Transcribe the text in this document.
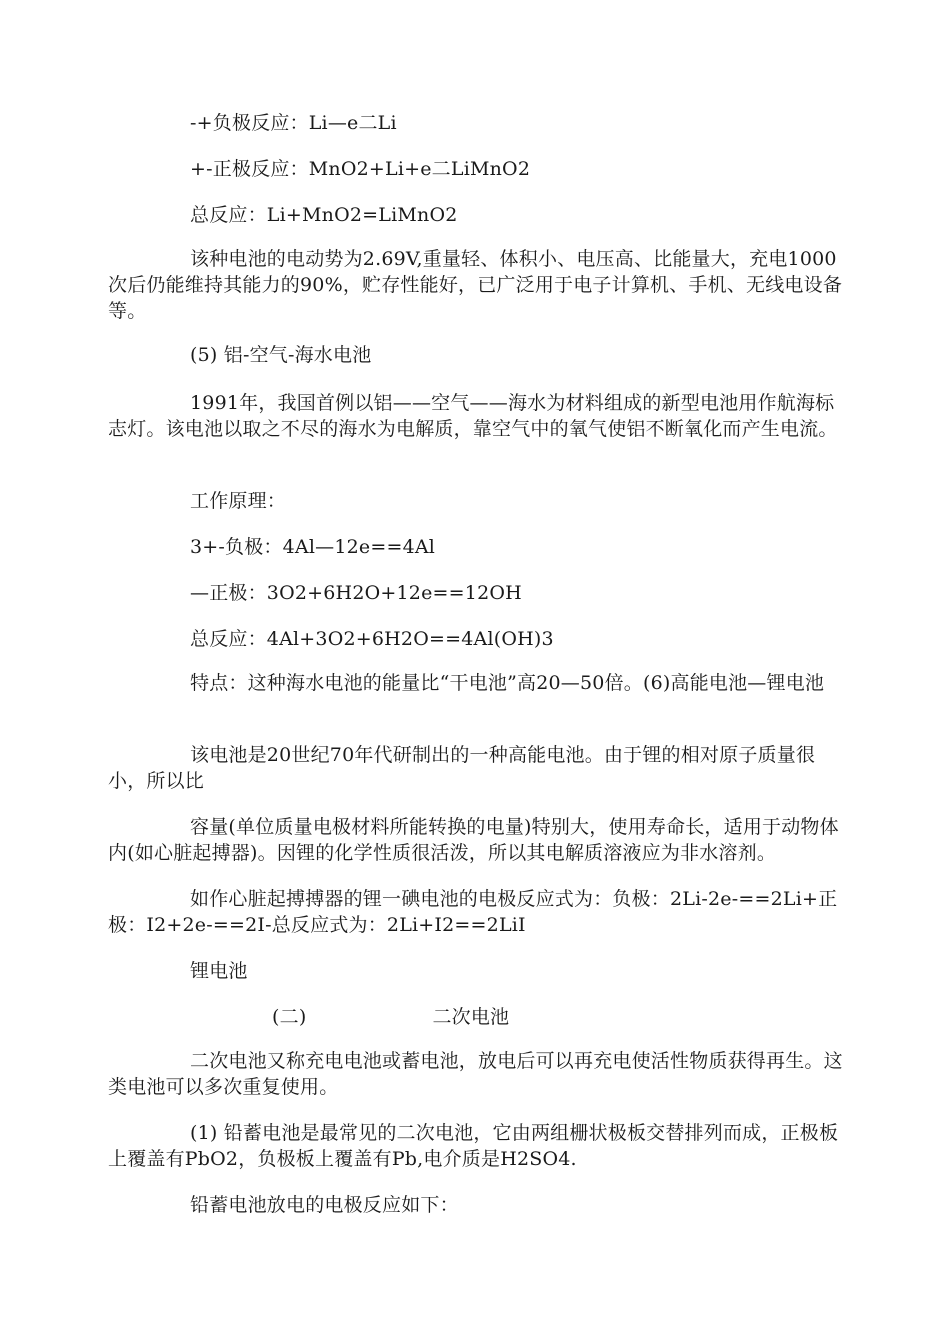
-+负极反应：Li—e二Li

+-正极反应：MnO2+Li+e二LiMnO2

总反应：Li+MnO2=LiMnO2

该种电池的电动势为2.69V,重量轻、体积小、电压高、比能量大，充电1000次后仍能维持其能力的90%，贮存性能好，已广泛用于电子计算机、手机、无线电设备等。

(5) 铝-空气-海水电池

1991年，我国首例以铝——空气——海水为材料组成的新型电池用作航海标志灯。该电池以取之不尽的海水为电解质，靠空气中的氧气使铝不断氧化而产生电流。

工作原理：

3+-负极：4Al—12e==4Al

—正极：3O2+6H2O+12e==12OH

总反应：4Al+3O2+6H2O==4Al(OH)3

特点：这种海水电池的能量比“干电池”高20—50倍。(6)高能电池—锂电池

该电池是20世纪70年代研制出的一种高能电池。由于锂的相对原子质量很小，所以比

容量(单位质量电极材料所能转换的电量)特别大，使用寿命长，适用于动物体内(如心脏起搏器)。因锂的化学性质很活泼，所以其电解质溶液应为非水溶剂。

如作心脏起搏搏器的锂一碘电池的电极反应式为：负极：2Li-2e-==2Li+正极：I2+2e-==2I-总反应式为：2Li+I2==2LiI

锂电池

(二)	二次电池

二次电池又称充电电池或蓄电池，放电后可以再充电使活性物质获得再生。这类电池可以多次重复使用。

(1) 铅蓄电池是最常见的二次电池，它由两组栅状极板交替排列而成，正极板上覆盖有PbO2，负极板上覆盖有Pb,电介质是H2SO4.

铅蓄电池放电的电极反应如下：
